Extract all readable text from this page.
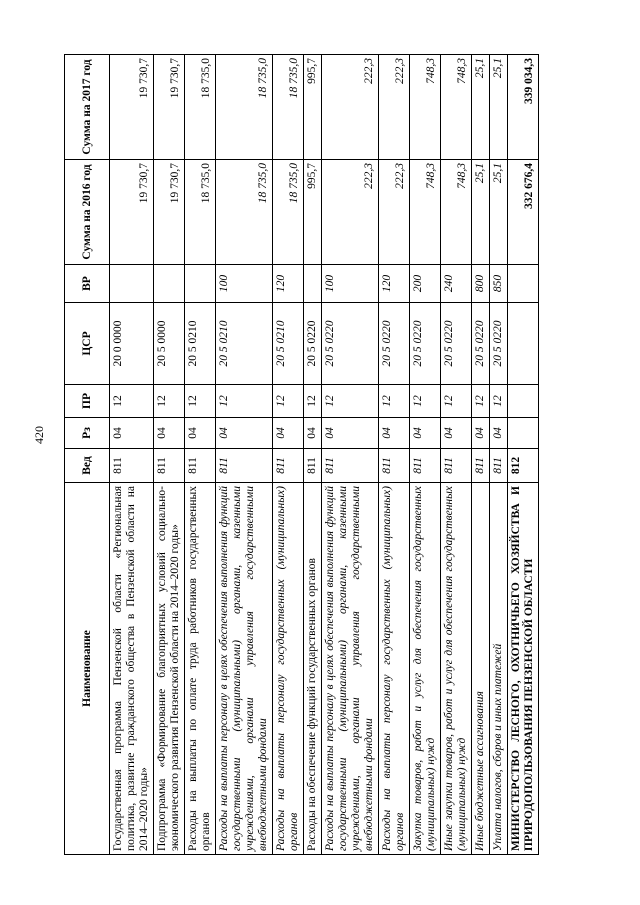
420
Наименование	Вед	Рз	ПР	ЦСР	ВР	Сумма на 2016 год	Сумма на 2017 год
Государственная программа Пензенской области «Региональная политика, развитие гражданского общества в Пензенской области на 2014–2020 годы»	811	04	12	20 0 0000		19 730,7	19 730,7
Подпрограмма «Формирование благоприятных условий социально-экономического развития Пензенской области на 2014–2020 годы»	811	04	12	20 5 0000		19 730,7	19 730,7
Расходы на выплаты по оплате труда работников государственных органов	811	04	12	20 5 0210		18 735,0	18 735,0
Расходы на выплаты персоналу в целях обеспечения выполнения функций государственными (муниципальными) органами, казенными учреждениями, органами управления государственными внебюджетными фондами	811	04	12	20 5 0210	100	18 735,0	18 735,0
Расходы на выплаты персоналу государственных (муниципальных) органов	811	04	12	20 5 0210	120	18 735,0	18 735,0
Расходы на обеспечение функций государственных органов	811	04	12	20 5 0220		995,7	995,7
Расходы на выплаты персоналу в целях обеспечения выполнения функций государственными (муниципальными) органами, казенными учреждениями, органами управления государственными внебюджетными фондами	811	04	12	20 5 0220	100	222,3	222,3
Расходы на выплаты персоналу государственных (муниципальных) органов	811	04	12	20 5 0220	120	222,3	222,3
Закупка товаров, работ и услуг для обеспечения государственных (муниципальных) нужд	811	04	12	20 5 0220	200	748,3	748,3
Иные закупки товаров, работ и услуг для обеспечения государственных (муниципальных) нужд	811	04	12	20 5 0220	240	748,3	748,3
Иные бюджетные ассигнования	811	04	12	20 5 0220	800	25,1	25,1
Уплата налогов, сборов и иных платежей	811	04	12	20 5 0220	850	25,1	25,1
МИНИСТЕРСТВО ЛЕСНОГО, ОХОТНИЧЬЕГО ХОЗЯЙСТВА И ПРИРОДОПОЛЬЗОВАНИЯ ПЕНЗЕНСКОЙ ОБЛАСТИ	812					332 676,4	339 034,3
